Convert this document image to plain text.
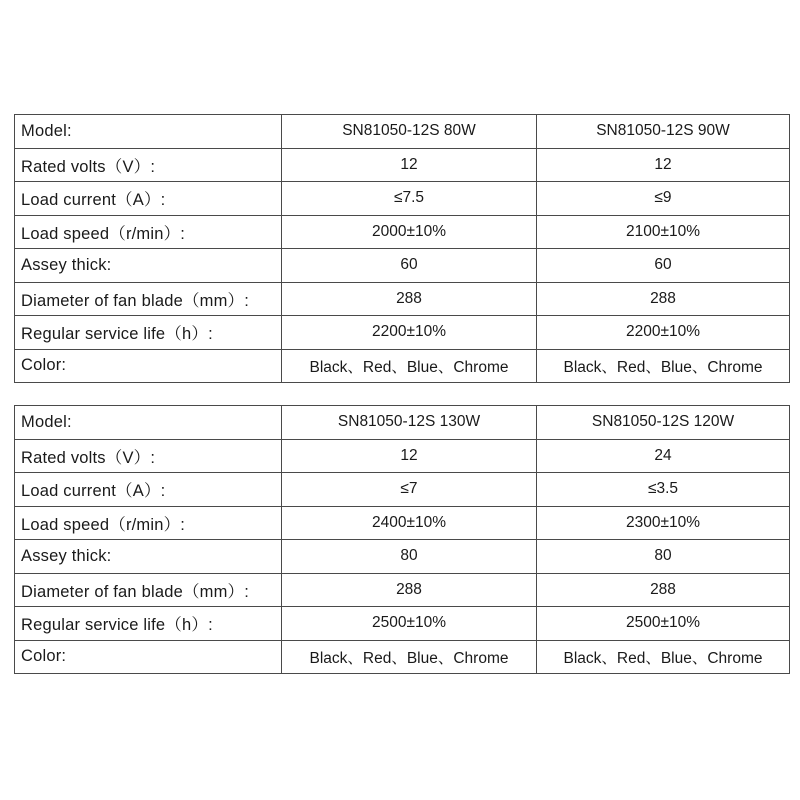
Model:	SN81050-12S 80W	SN81050-12S 90W
Rated volts（V）:	12	12
Load current（A）:	≤7.5	≤9
Load speed（r/min）:	2000±10%	2100±10%
Assey thick:	60	60
Diameter of fan blade（mm）:	288	288
Regular service life（h）:	2200±10%	2200±10%
Color:	Black、Red、Blue、Chrome	Black、Red、Blue、Chrome
Model:	SN81050-12S 130W	SN81050-12S 120W
Rated volts（V）:	12	24
Load current（A）:	≤7	≤3.5
Load speed（r/min）:	2400±10%	2300±10%
Assey thick:	80	80
Diameter of fan blade（mm）:	288	288
Regular service life（h）:	2500±10%	2500±10%
Color:	Black、Red、Blue、Chrome	Black、Red、Blue、Chrome
